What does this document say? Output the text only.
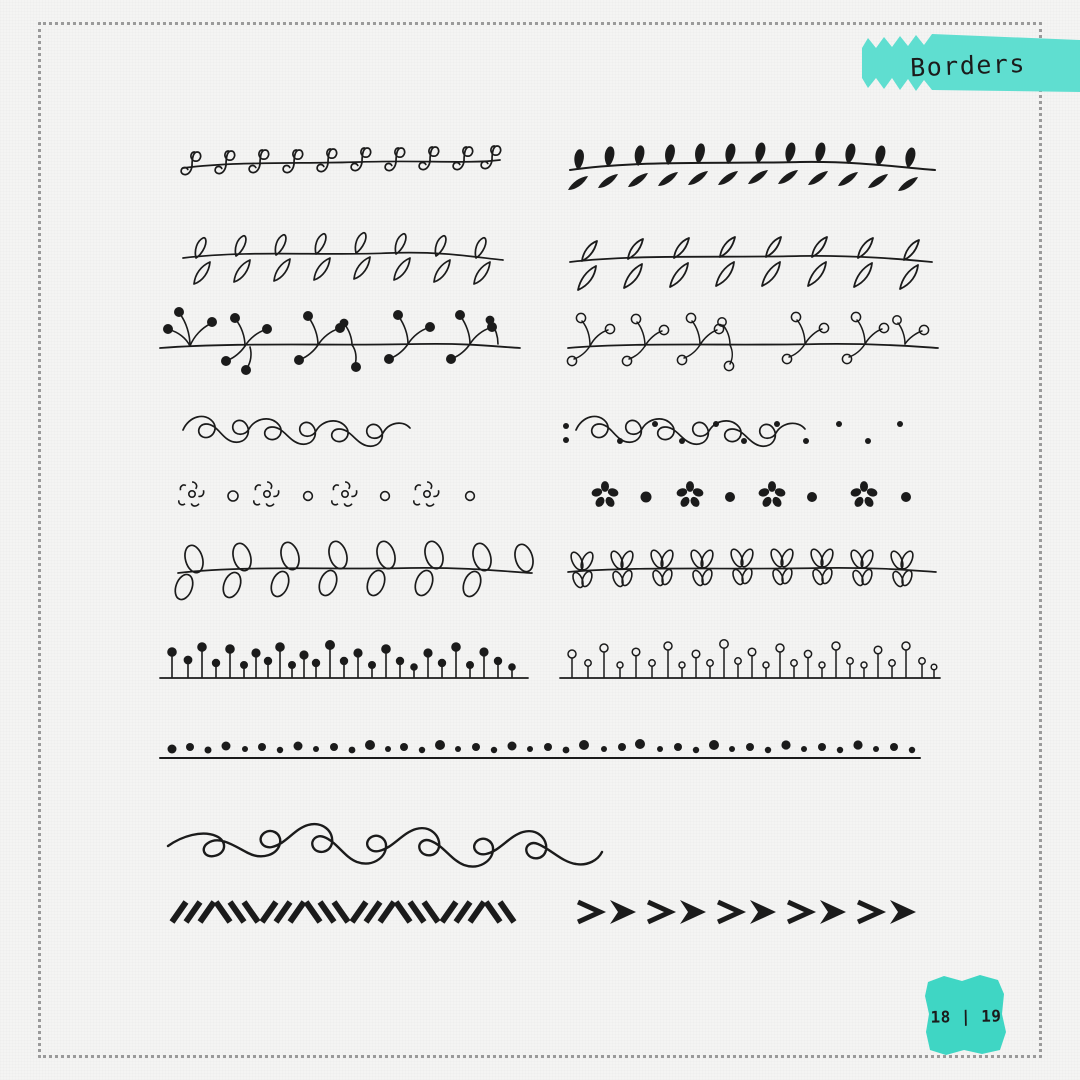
Borders
18 | 19
